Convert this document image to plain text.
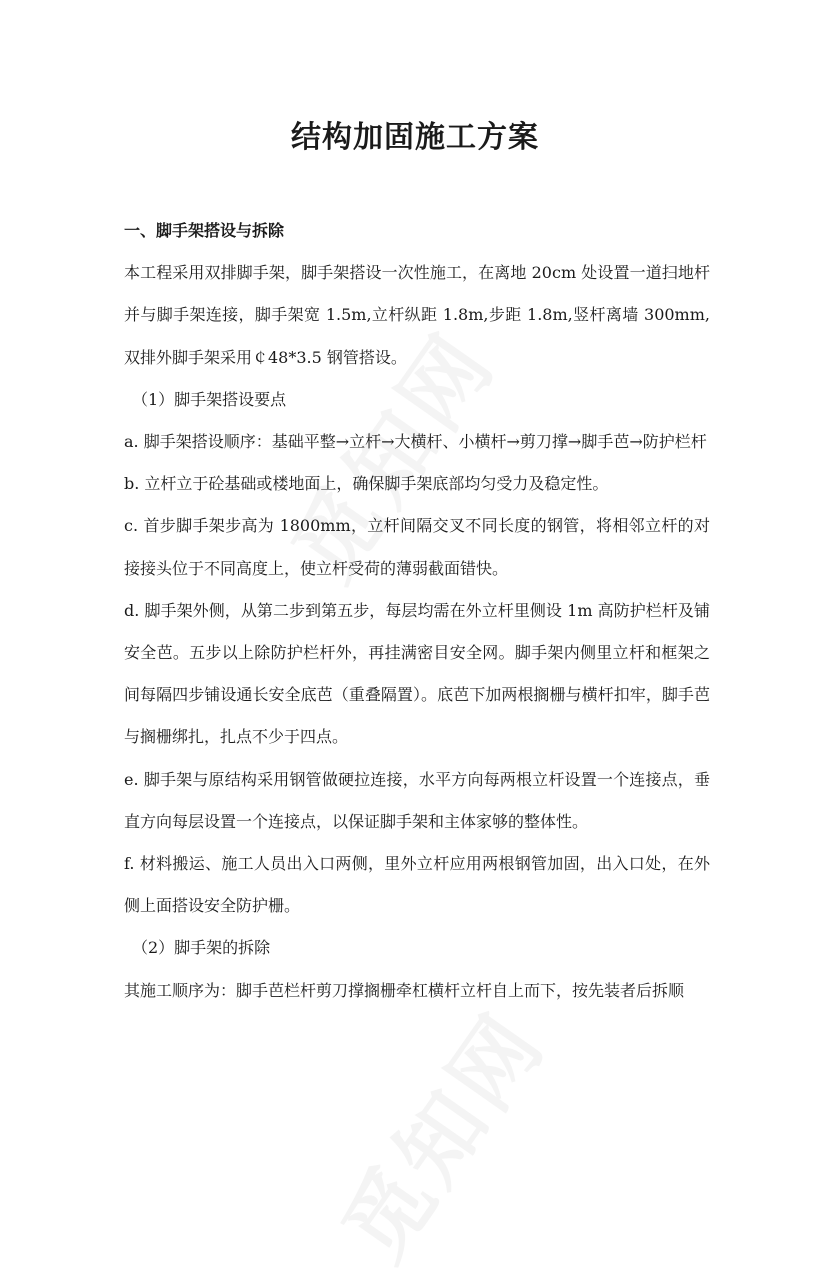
结构加固施工方案

一、脚手架搭设与拆除

本工程采用双排脚手架，脚手架搭设一次性施工，在离地 20cm 处设置一道扫地杆并与脚手架连接，脚手架宽 1.5m,立杆纵距 1.8m,步距 1.8m,竖杆离墙 300mm,双排外脚手架采用￠48*3.5 钢管搭设。

（1）脚手架搭设要点

a. 脚手架搭设顺序：基础平整→立杆→大横杆、小横杆→剪刀撑→脚手芭→防护栏杆

b. 立杆立于砼基础或楼地面上，确保脚手架底部均匀受力及稳定性。

c. 首步脚手架步高为 1800mm，立杆间隔交叉不同长度的钢管，将相邻立杆的对接接头位于不同高度上，使立杆受荷的薄弱截面错快。

d. 脚手架外侧，从第二步到第五步，每层均需在外立杆里侧设 1m 高防护栏杆及铺安全芭。五步以上除防护栏杆外，再挂满密目安全网。脚手架内侧里立杆和框架之间每隔四步铺设通长安全底芭（重叠隔置）。底芭下加两根搁栅与横杆扣牢，脚手芭与搁栅绑扎，扎点不少于四点。

e. 脚手架与原结构采用钢管做硬拉连接，水平方向每两根立杆设置一个连接点，垂直方向每层设置一个连接点，以保证脚手架和主体家够的整体性。

f. 材料搬运、施工人员出入口两侧，里外立杆应用两根钢管加固，出入口处，在外侧上面搭设安全防护栅。

（2）脚手架的拆除

其施工顺序为：脚手芭栏杆剪刀撑搁栅牵杠横杆立杆自上而下，按先装者后拆顺
